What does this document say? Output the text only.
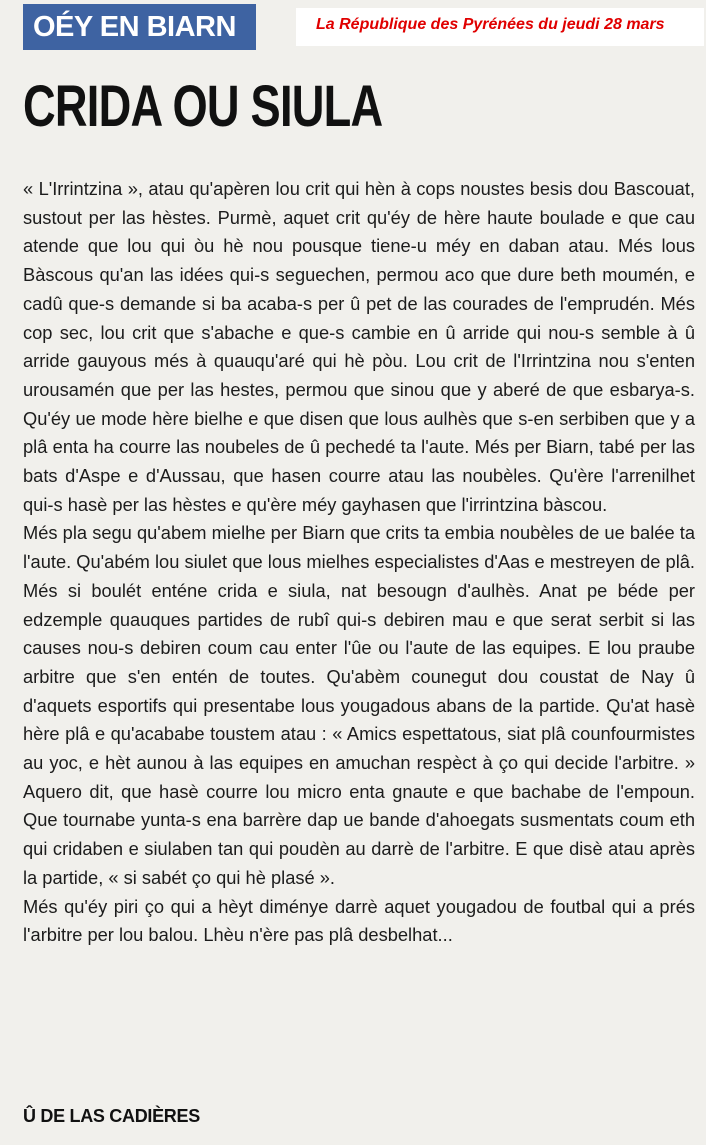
OÉY EN BIARN	La République des Pyrénées du jeudi 28 mars
CRIDA OU SIULA

« L'Irrintzina », atau qu'apèren lou crit qui hèn à cops noustes besis dou Bascouat, sustout per las hèstes. Purmè, aquet crit qu'éy de hère haute boulade e que cau atende que lou qui òu hè nou pousque tiene-u méy en daban atau. Més lous Bàscous qu'an las idées qui-s seguechen, permou aco que dure beth moumén, e cadû que-s demande si ba acaba-s per û pet de las courades de l'emprudén. Més cop sec, lou crit que s'abache e que-s cambie en û arride qui nou-s semble à û arride gauyous més à quauqu'aré qui hè pòu. Lou crit de l'Irrintzina nou s'enten urousamén que per las hestes, permou que sinou que y aberé de que esbarya-s. Qu'éy ue mode hère bielhe e que disen que lous aulhès que s-en serbiben que y a plâ enta ha courre las noubeles de û pechedé ta l'aute. Més per Biarn, tabé per las bats d'Aspe e d'Aussau, que hasen courre atau las noubèles. Qu'ère l'arrenilhet qui-s hasè per las hèstes e qu'ère méy gayhasen que l'irrintzina bàscou.

Més pla segu qu'abem mielhe per Biarn que crits ta embia noubèles de ue balée ta l'aute. Qu'abém lou siulet que lous mielhes especialistes d'Aas e mestreyen de plâ.

Més si boulét enténe crida e siula, nat besougn d'aulhès. Anat pe béde per edzemple quauques partides de rubî qui-s debiren mau e que serat serbit si las causes nou-s debiren coum cau enter l'ûe ou l'aute de las equipes. E lou praube arbitre que s'en entén de toutes. Qu'abèm counegut dou coustat de Nay û d'aquets esportifs qui presentabe lous yougadous abans de la partide. Qu'at hasè hère plâ e qu'acababe toustem atau : « Amics espettatous, siat plâ counfourmistes au yoc, e hèt aunou à las equipes en amuchan respèct à ço qui decide l'arbitre. » Aquero dit, que hasè courre lou micro enta gnaute e que bachabe de l'empoun. Que tournabe yunta-s ena barrère dap ue bande d'ahoegats susmentats coum eth qui cridaben e siulaben tan qui poudèn au darrè de l'arbitre. E que disè atau après la partide, « si sabét ço qui hè plasé ».

Més qu'éy piri ço qui a hèyt diménye darrè aquet yougadou de foutbal qui a prés l'arbitre per lou balou. Lhèu n'ère pas plâ desbelhat...

Û DE LAS CADIÈRES
